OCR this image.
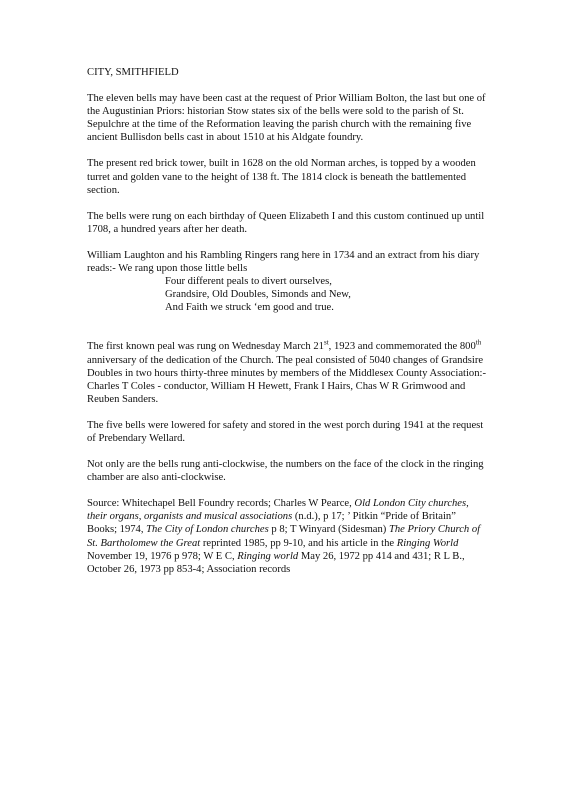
CITY, SMITHFIELD

The eleven bells may have been cast at the request of Prior William Bolton, the last but one of the Augustinian Priors: historian Stow states six of the bells were sold to the parish of St. Sepulchre at the time of the Reformation leaving the parish church with the remaining five ancient Bullisdon bells cast in about 1510 at his Aldgate foundry.

The present red brick tower, built in 1628 on the old Norman arches, is topped by a wooden turret and golden vane to the height of 138 ft. The 1814 clock is beneath the battlemented section.

The bells were rung on each birthday of Queen Elizabeth I and this custom continued up until 1708, a hundred years after her death.

William Laughton and his Rambling Ringers rang here in 1734 and an extract from his diary reads:- We rang upon those little bells
Four different peals to divert ourselves,
Grandsire, Old Doubles, Simonds and New,
And Faith we struck ‘em good and true.

The first known peal was rung on Wednesday March 21st, 1923 and commemorated the 800th anniversary of the dedication of the Church. The peal consisted of 5040 changes of Grandsire Doubles in two hours thirty-three minutes by members of the Middlesex County Association:- Charles T Coles - conductor, William H Hewett, Frank I Hairs, Chas W R Grimwood and Reuben Sanders.

The five bells were lowered for safety and stored in the west porch during 1941 at the request of Prebendary Wellard.

Not only are the bells rung anti-clockwise, the numbers on the face of the clock in the ringing chamber are also anti-clockwise.

Source: Whitechapel Bell Foundry records; Charles W Pearce, Old London City churches, their organs, organists and musical associations (n.d.), p 17; ’ Pitkin “Pride of Britain” Books; 1974, The City of London churches p 8; T Winyard (Sidesman) The Priory Church of St. Bartholomew the Great reprinted 1985, pp 9-10, and his article in the Ringing World November 19, 1976 p 978; W E C, Ringing world May 26, 1972 pp 414 and 431; R L B., October 26, 1973 pp 853-4; Association records
